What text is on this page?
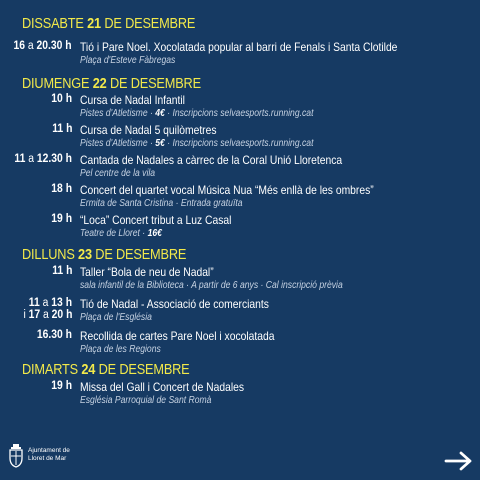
DISSABTE 21 DE DESEMBRE
16 a 20.30 h Tió i Pare Noel. Xocolatada popular al barri de Fenals i Santa Clotilde
Plaça d'Esteve Fàbregas
DIUMENGE 22 DE DESEMBRE
10 h Cursa de Nadal Infantil
Pistes d'Atletisme · 4€ · Inscripcions selvaesports.running.cat
11 h Cursa de Nadal 5 quilòmetres
Pistes d'Atletisme · 5€ · Inscripcions selvaesports.running.cat
11 a 12.30 h Cantada de Nadales a càrrec de la Coral Unió Lloretenca
Pel centre de la vila
18 h Concert del quartet vocal Música Nua “Més enllà de les ombres”
Ermita de Santa Cristina · Entrada gratuïta
19 h “Loca” Concert tribut a Luz Casal
Teatre de Lloret · 16€
DILLUNS 23 DE DESEMBRE
11 h Taller “Bola de neu de Nadal”
sala infantil de la Biblioteca · A partir de 6 anys · Cal inscripció prèvia
11 a 13 h
i 17 a 20 h
Tió de Nadal - Associació de comerciants
Plaça de l'Església
16.30 h Recollida de cartes Pare Noel i xocolatada
Plaça de les Regions
DIMARTS 24 DE DESEMBRE
19 h Missa del Gall i Concert de Nadales
Església Parroquial de Sant Romà
Ajuntament de
Lloret de Mar
